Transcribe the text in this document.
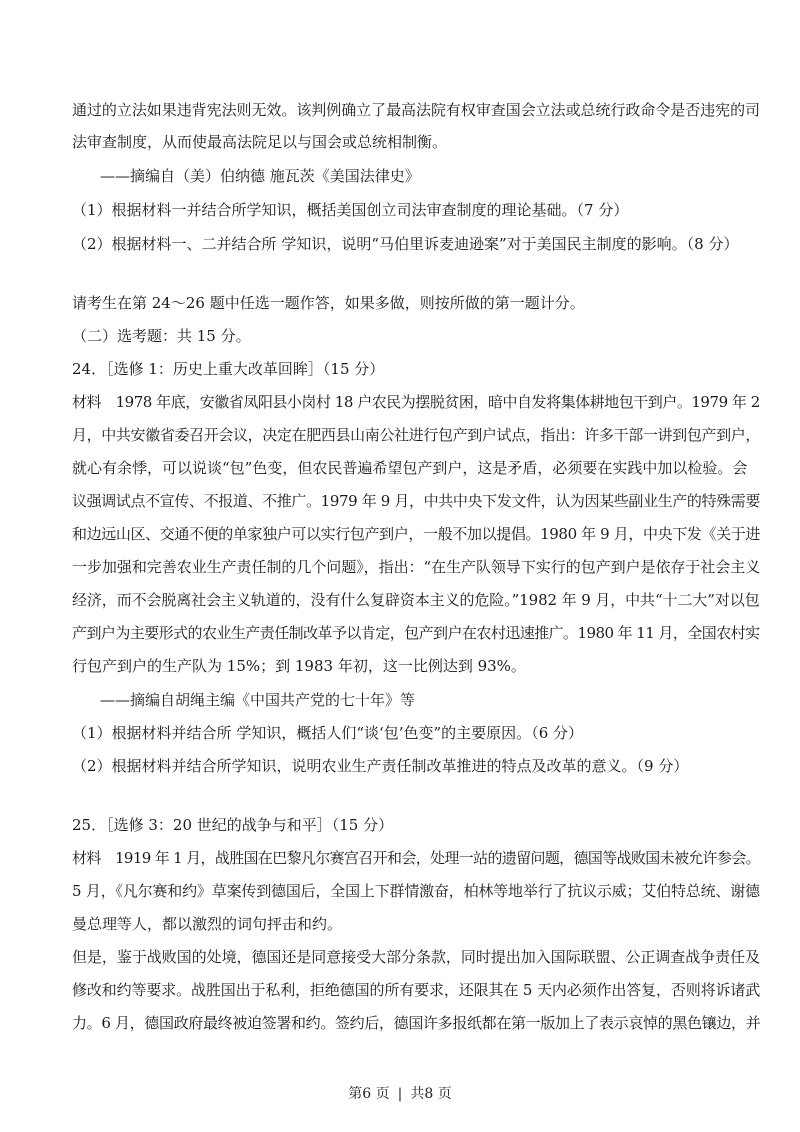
通过的立法如果违背宪法则无效。该判例确立了最高法院有权审查国会立法或总统行政命令是否违宪的司
法审查制度，从而使最高法院足以与国会或总统相制衡。
——摘编自（美）伯纳德 施瓦茨《美国法律史》
（1）根据材料一并结合所学知识，概括美国创立司法审查制度的理论基础。（7 分）
（2）根据材料一、二并结合所 学知识，说明“马伯里诉麦迪逊案”对于美国民主制度的影响。（8 分）
请考生在第 24～26 题中任选一题作答，如果多做，则按所做的第一题计分。
（二）选考题：共 15 分。
24．［选修 1：历史上重大改革回眸］（15 分）
材料　1978 年底，安徽省凤阳县小岗村 18 户农民为摆脱贫困，暗中自发将集体耕地包干到户。1979 年 2
月，中共安徽省委召开会议，决定在肥西县山南公社进行包产到户试点，指出：许多干部一讲到包产到户，
就心有余悸，可以说谈“包”色变，但农民普遍希望包产到户，这是矛盾，必须要在实践中加以检验。会
议强调试点不宣传、不报道、不推广。1979 年 9 月，中共中央下发文件，认为因某些副业生产的特殊需要
和边远山区、交通不便的单家独户可以实行包产到户，一般不加以提倡。1980 年 9 月，中央下发《关于进
一步加强和完善农业生产责任制的几个问题》，指出：“在生产队领导下实行的包产到户是依存于社会主义
经济，而不会脱离社会主义轨道的，没有什么复辟资本主义的危险。”1982 年 9 月，中共“十二大”对以包
产到户为主要形式的农业生产责任制改革予以肯定，包产到户在农村迅速推广。1980 年 11 月，全国农村实
行包产到户的生产队为 15%；到 1983 年初，这一比例达到 93%。
——摘编自胡绳主编《中国共产党的七十年》等
（1）根据材料并结合所 学知识，概括人们“谈‘包’色变”的主要原因。（6 分）
（2）根据材料并结合所学知识，说明农业生产责任制改革推进的特点及改革的意义。（9 分）
25．［选修 3：20 世纪的战争与和平］（15 分）
材料　1919 年 1 月，战胜国在巴黎凡尔赛宫召开和会，处理一站的遗留问题，德国等战败国未被允许参会。
5 月，《凡尔赛和约》草案传到德国后，全国上下群情激奋，柏林等地举行了抗议示威；艾伯特总统、谢德
曼总理等人，都以激烈的词句抨击和约。
但是，鉴于战败国的处境，德国还是同意接受大部分条款，同时提出加入国际联盟、公正调查战争责任及
修改和约等要求。战胜国出于私利，拒绝德国的所有要求，还限其在 5 天内必须作出答复，否则将诉诸武
力。6 月，德国政府最终被迫签署和约。签约后，德国许多报纸都在第一版加上了表示哀悼的黑色镶边，并
第6 页 | 共8 页
